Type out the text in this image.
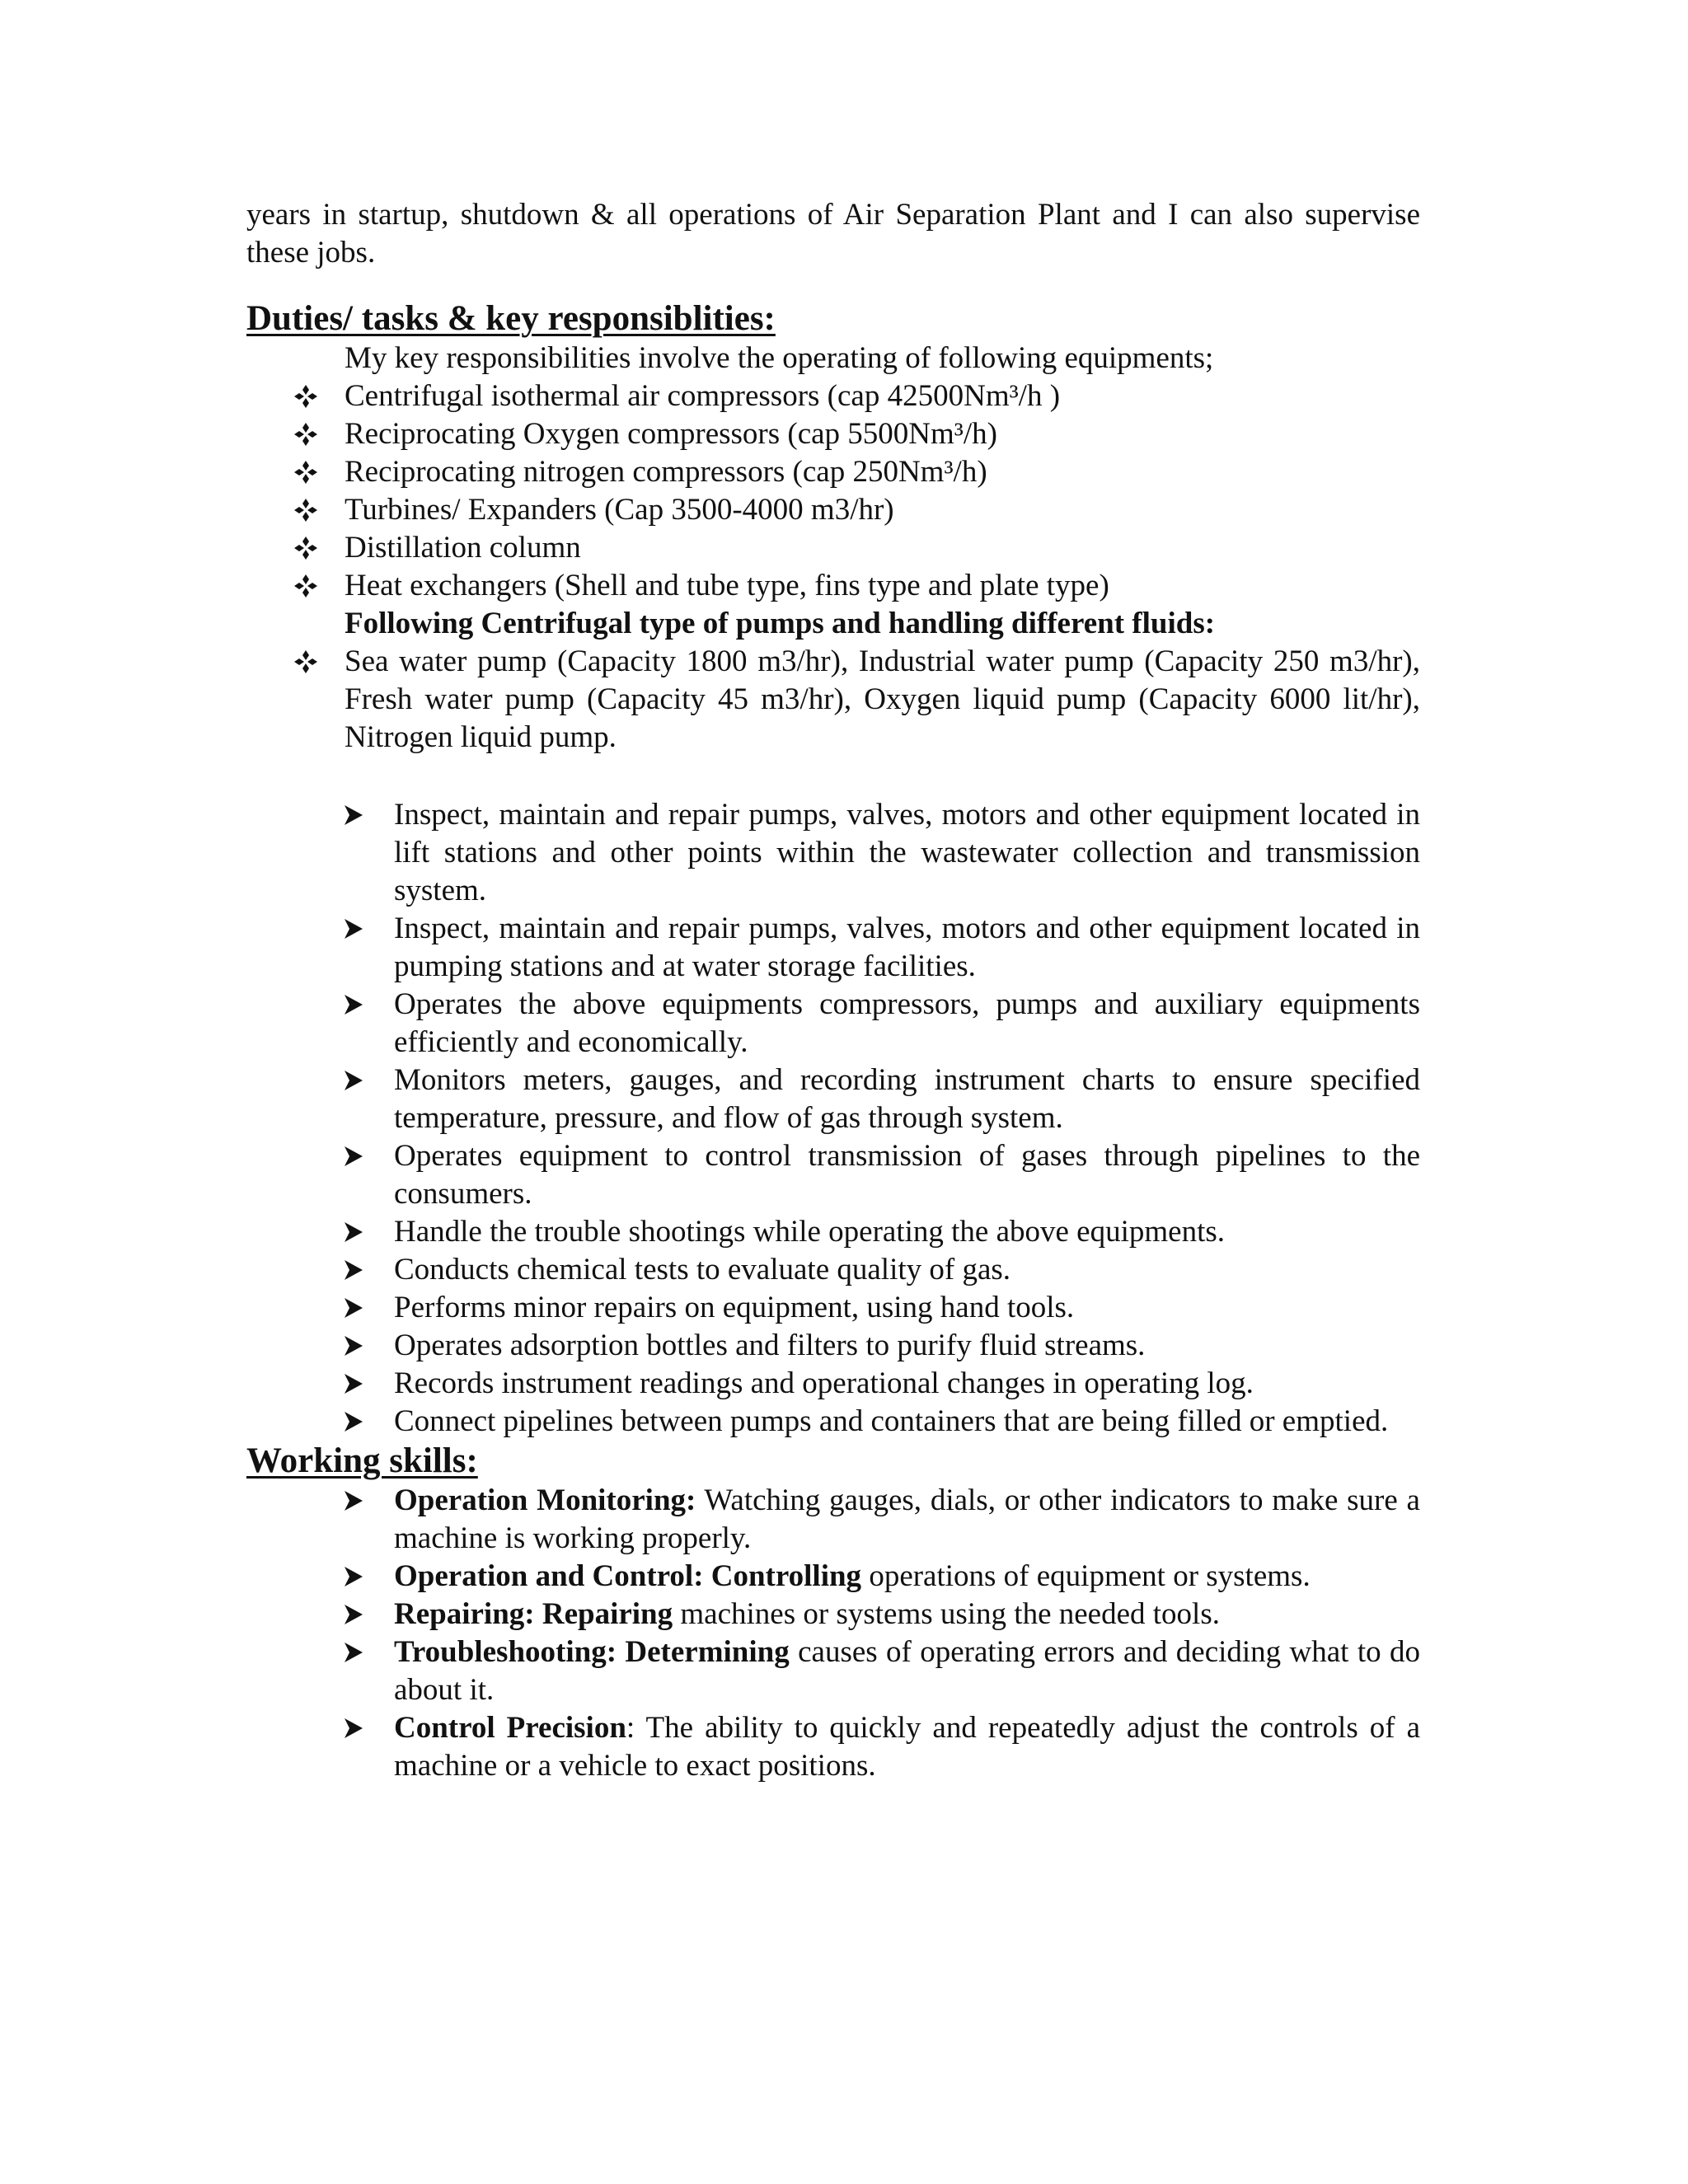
years in startup, shutdown & all operations of Air Separation Plant and I can also supervise these jobs.

Duties/ tasks & key responsiblities:

My key responsibilities involve the operating of following equipments;

Centrifugal isothermal air compressors (cap 42500Nm³/h )
Reciprocating Oxygen compressors (cap 5500Nm³/h)
Reciprocating nitrogen compressors (cap 250Nm³/h)
Turbines/ Expanders (Cap 3500-4000 m3/hr)
Distillation column
Heat exchangers (Shell and tube type, fins type and plate type)

Following Centrifugal type of pumps and handling different fluids:

Sea water pump (Capacity 1800 m3/hr), Industrial water pump (Capacity 250 m3/hr), Fresh water pump (Capacity 45 m3/hr), Oxygen liquid pump (Capacity 6000 lit/hr), Nitrogen liquid pump.
Inspect, maintain and repair pumps, valves, motors and other equipment located in lift stations and other points within the wastewater collection and transmission system.
Inspect, maintain and repair pumps, valves, motors and other equipment located in pumping stations and at water storage facilities.
Operates the above equipments compressors, pumps and auxiliary equipments efficiently and economically.
Monitors meters, gauges, and recording instrument charts to ensure specified temperature, pressure, and flow of gas through system.
Operates equipment to control transmission of gases through pipelines to the consumers.
Handle the trouble shootings while operating the above equipments.
Conducts chemical tests to evaluate quality of gas.
Performs minor repairs on equipment, using hand tools.
Operates adsorption bottles and filters to purify fluid streams.
Records instrument readings and operational changes in operating log.
Connect pipelines between pumps and containers that are being filled or emptied.
Working skills:
Operation Monitoring: Watching gauges, dials, or other indicators to make sure a machine is working properly.
Operation and Control: Controlling operations of equipment or systems.
Repairing: Repairing machines or systems using the needed tools.
Troubleshooting: Determining causes of operating errors and deciding what to do about it.
Control Precision: The ability to quickly and repeatedly adjust the controls of a machine or a vehicle to exact positions.
